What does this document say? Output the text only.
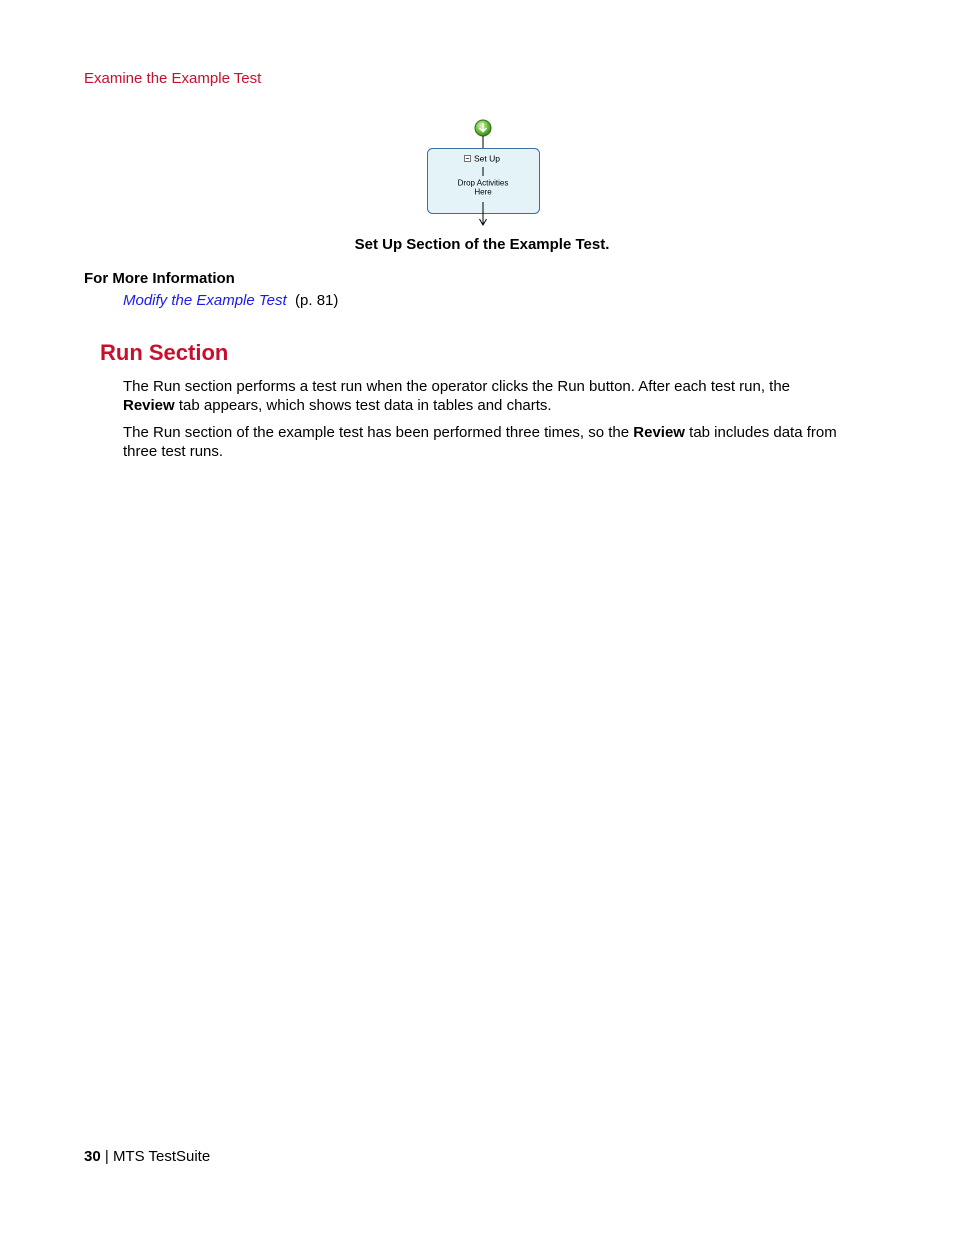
Examine the Example Test
Set Up
Drop Activities
Here
Set Up Section of the Example Test.
For More Information
Modify the Example Test (p. 81)
Run Section
The Run section performs a test run when the operator clicks the Run button. After each test run, the Review tab appears, which shows test data in tables and charts.
The Run section of the example test has been performed three times, so the Review tab includes data from three test runs.
30 | MTS TestSuite
